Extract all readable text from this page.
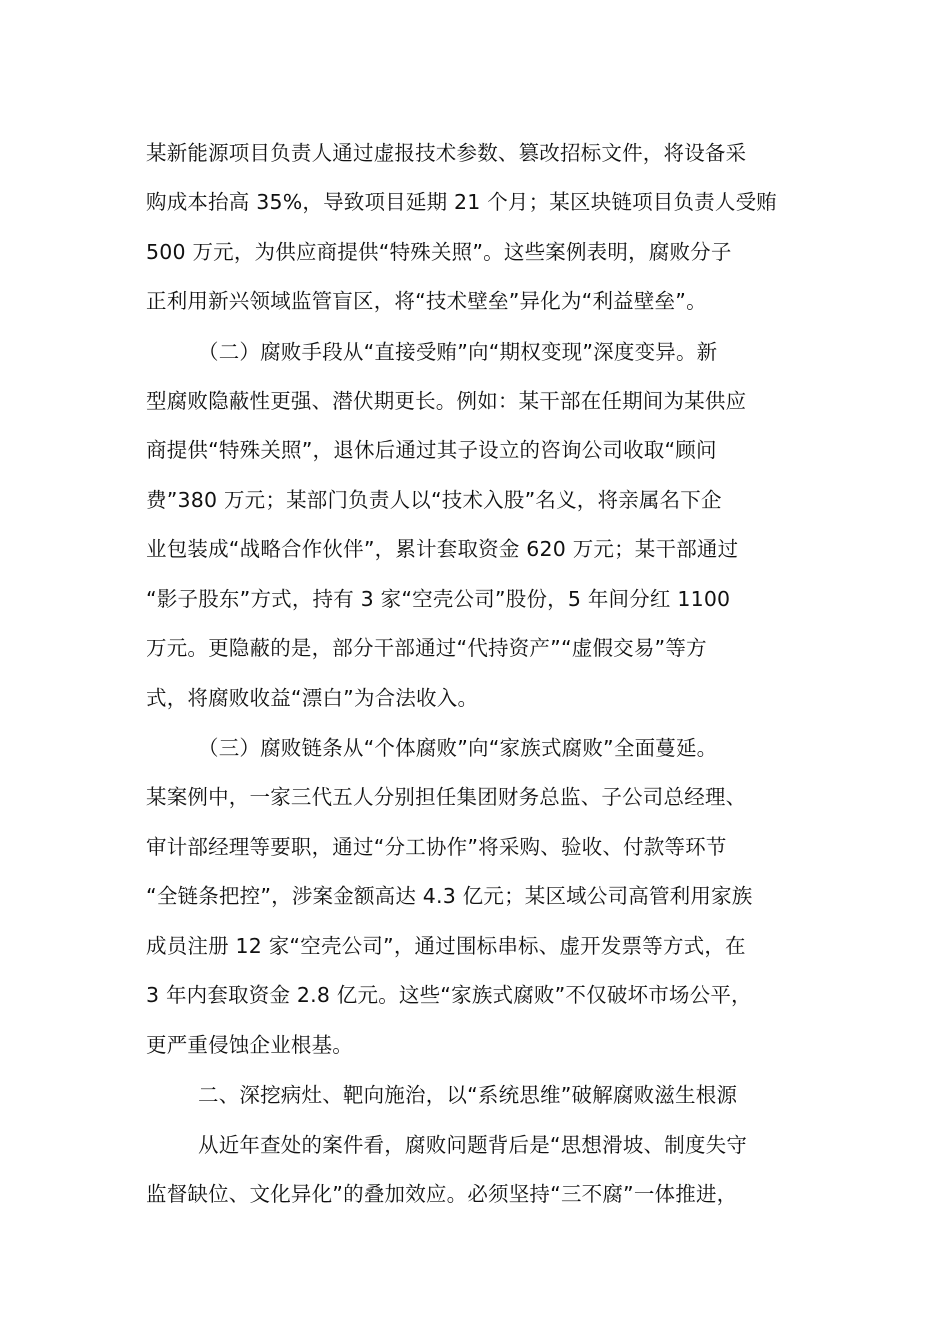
某新能源项目负责人通过虚报技术参数、篡改招标文件，将设备采
购成本抬高 35%，导致项目延期 21 个月；某区块链项目负责人受贿
500 万元，为供应商提供“特殊关照”。这些案例表明，腐败分子
正利用新兴领域监管盲区，将“技术壁垒”异化为“利益壁垒”。
（二）腐败手段从“直接受贿”向“期权变现”深度变异。新
型腐败隐蔽性更强、潜伏期更长。例如：某干部在任期间为某供应
商提供“特殊关照”，退休后通过其子设立的咨询公司收取“顾问
费”380 万元；某部门负责人以“技术入股”名义，将亲属名下企
业包装成“战略合作伙伴”，累计套取资金 620 万元；某干部通过
“影子股东”方式，持有 3 家“空壳公司”股份，5 年间分红 1100
万元。更隐蔽的是，部分干部通过“代持资产”“虚假交易”等方
式，将腐败收益“漂白”为合法收入。
（三）腐败链条从“个体腐败”向“家族式腐败”全面蔓延。
某案例中，一家三代五人分别担任集团财务总监、子公司总经理、
审计部经理等要职，通过“分工协作”将采购、验收、付款等环节
“全链条把控”，涉案金额高达 4.3 亿元；某区域公司高管利用家族
成员注册 12 家“空壳公司”，通过围标串标、虚开发票等方式，在
3 年内套取资金 2.8 亿元。这些“家族式腐败”不仅破坏市场公平，
更严重侵蚀企业根基。
二、深挖病灶、靶向施治，以“系统思维”破解腐败滋生根源
从近年查处的案件看，腐败问题背后是“思想滑坡、制度失守
监督缺位、文化异化”的叠加效应。必须坚持“三不腐”一体推进，
